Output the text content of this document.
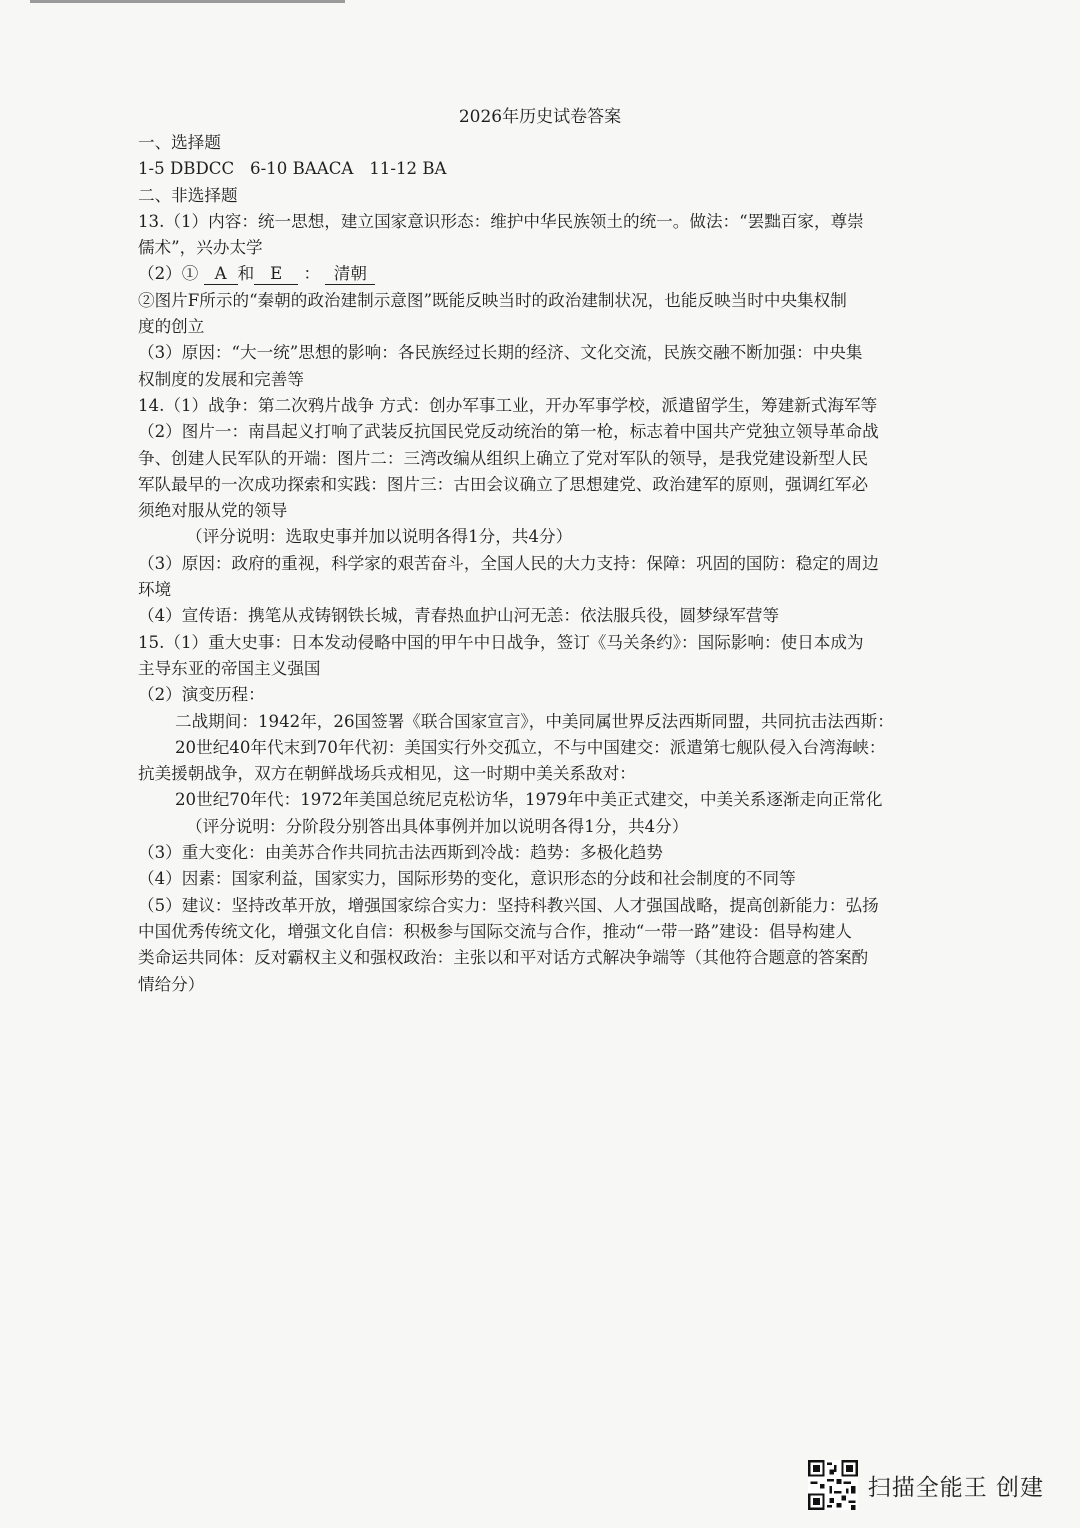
2026年历史试卷答案

一、选择题

1-5 DBDCC   6-10 BAACA   11-12 BA

二、非选择题

13.（1）内容：统一思想，建立国家意识形态：维护中华民族领土的统一。做法：“罢黜百家，尊崇

儒术”，兴办太学

（2）① A 和 E ： 清朝

②图片F所示的“秦朝的政治建制示意图”既能反映当时的政治建制状况，也能反映当时中央集权制

度的创立

（3）原因：“大一统”思想的影响：各民族经过长期的经济、文化交流，民族交融不断加强：中央集

权制度的发展和完善等

14.（1）战争：第二次鸦片战争 方式：创办军事工业，开办军事学校，派遣留学生，筹建新式海军等

（2）图片一：南昌起义打响了武装反抗国民党反动统治的第一枪，标志着中国共产党独立领导革命战

争、创建人民军队的开端：图片二：三湾改编从组织上确立了党对军队的领导，是我党建设新型人民

军队最早的一次成功探索和实践：图片三：古田会议确立了思想建党、政治建军的原则，强调红军必

须绝对服从党的领导

（评分说明：选取史事并加以说明各得1分，共4分）

（3）原因：政府的重视，科学家的艰苦奋斗，全国人民的大力支持：保障：巩固的国防：稳定的周边

环境

（4）宣传语：携笔从戎铸钢铁长城，青春热血护山河无恙：依法服兵役，圆梦绿军营等

15.（1）重大史事：日本发动侵略中国的甲午中日战争，签订《马关条约》：国际影响：使日本成为

主导东亚的帝国主义强国

（2）演变历程：

二战期间：1942年，26国签署《联合国家宣言》，中美同属世界反法西斯同盟，共同抗击法西斯：

20世纪40年代末到70年代初：美国实行外交孤立，不与中国建交：派遣第七舰队侵入台湾海峡：

抗美援朝战争，双方在朝鲜战场兵戎相见，这一时期中美关系敌对：

20世纪70年代：1972年美国总统尼克松访华，1979年中美正式建交，中美关系逐渐走向正常化

（评分说明：分阶段分别答出具体事例并加以说明各得1分，共4分）

（3）重大变化：由美苏合作共同抗击法西斯到冷战：趋势：多极化趋势

（4）因素：国家利益，国家实力，国际形势的变化，意识形态的分歧和社会制度的不同等

（5）建议：坚持改革开放，增强国家综合实力：坚持科教兴国、人才强国战略，提高创新能力：弘扬

中国优秀传统文化，增强文化自信：积极参与国际交流与合作，推动“一带一路”建设：倡导构建人

类命运共同体：反对霸权主义和强权政治：主张以和平对话方式解决争端等（其他符合题意的答案酌

情给分）

扫描全能王 创建
